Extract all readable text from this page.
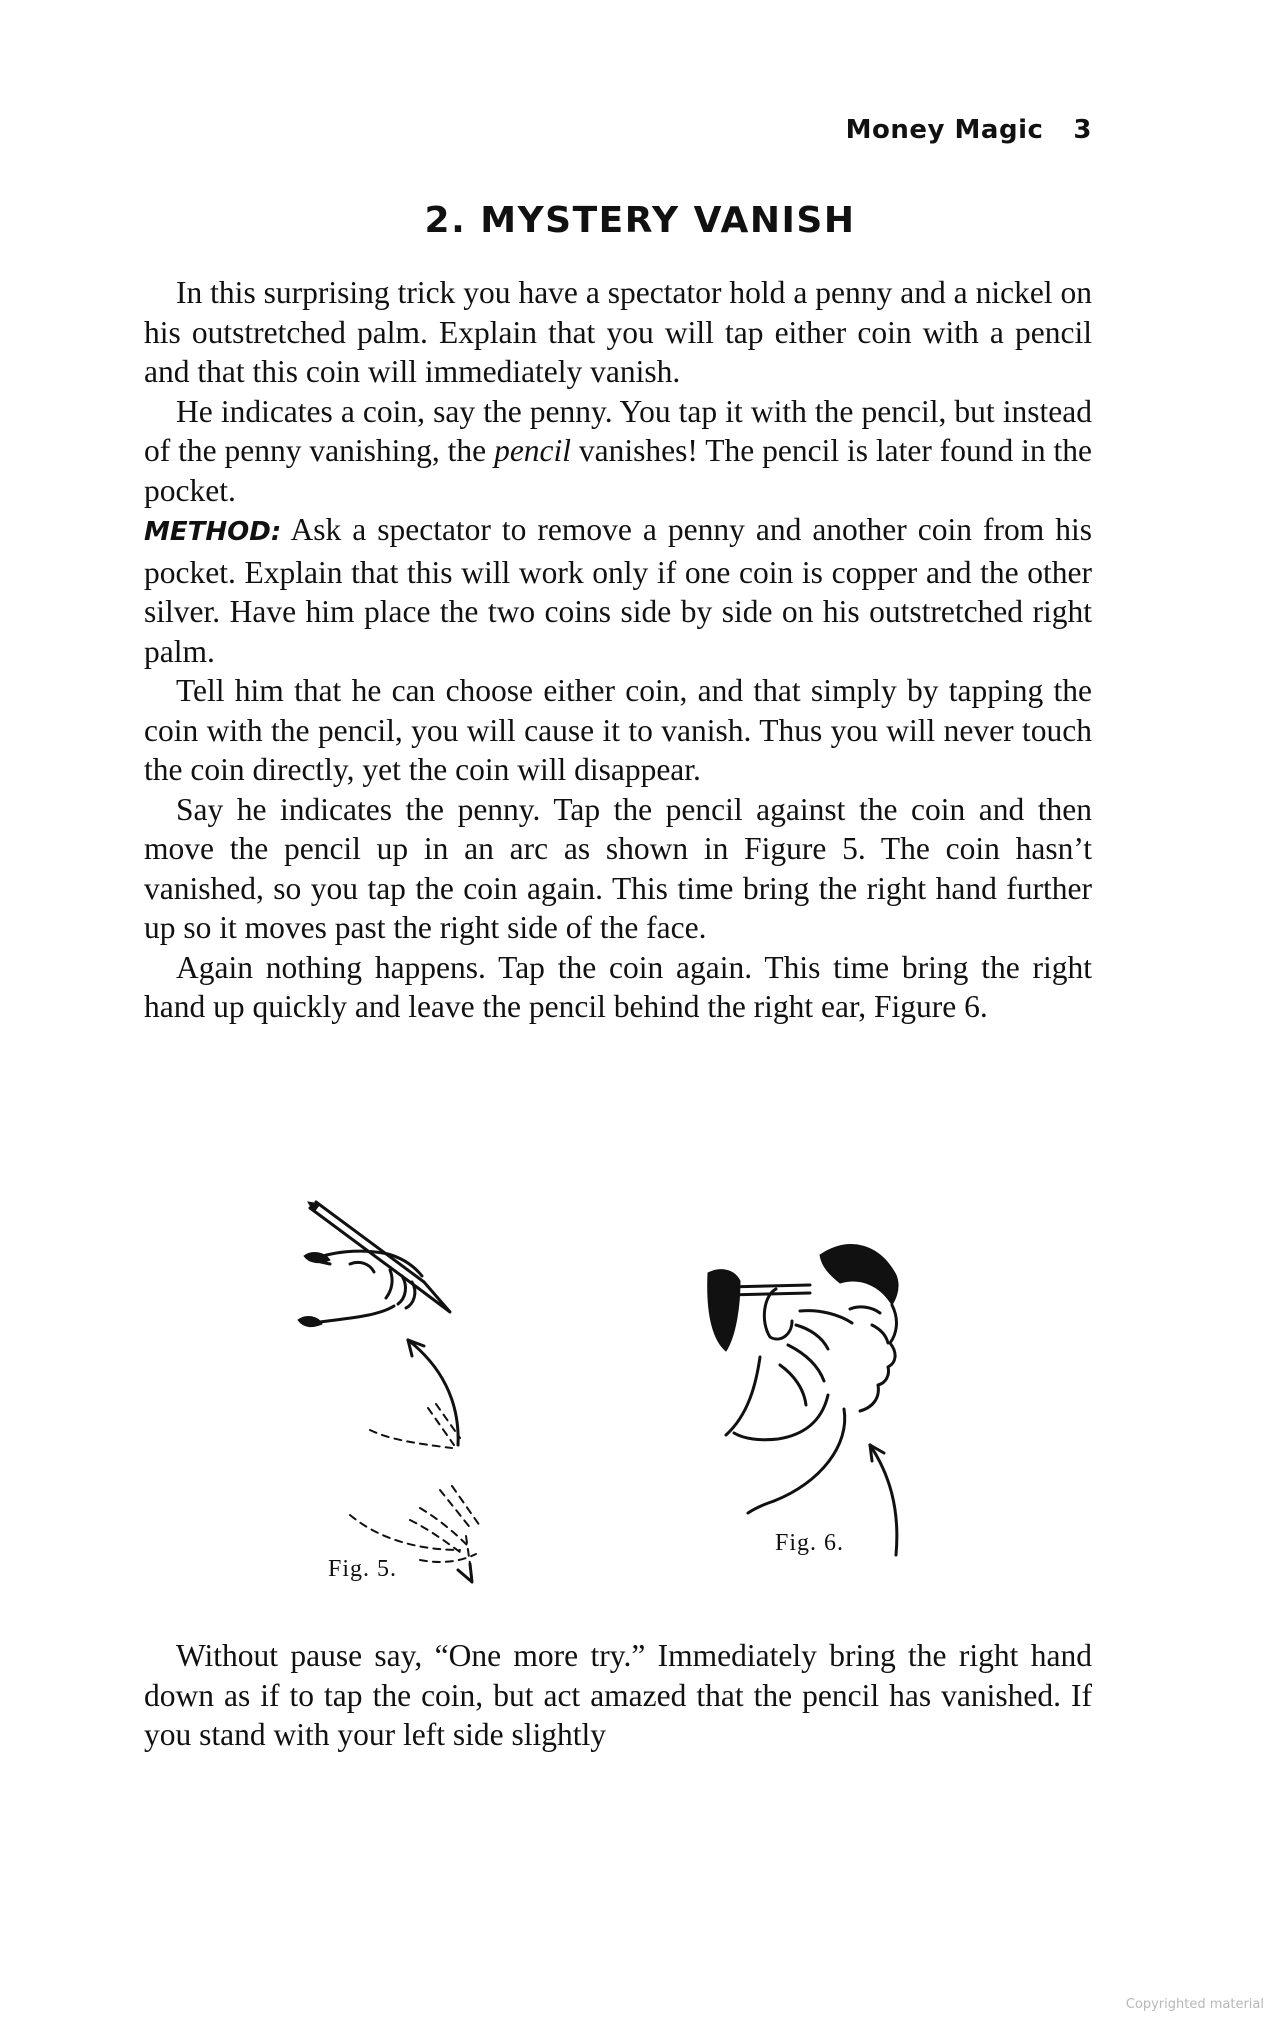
Money Magic 3
2. MYSTERY VANISH

In this surprising trick you have a spectator hold a penny and a nickel on his outstretched palm. Explain that you will tap either coin with a pencil and that this coin will immediately vanish.

He indicates a coin, say the penny. You tap it with the pencil, but instead of the penny vanishing, the pencil vanishes! The pencil is later found in the pocket.

METHOD: Ask a spectator to remove a penny and another coin from his pocket. Explain that this will work only if one coin is copper and the other silver. Have him place the two coins side by side on his outstretched right palm.

Tell him that he can choose either coin, and that simply by tapping the coin with the pencil, you will cause it to vanish. Thus you will never touch the coin directly, yet the coin will disappear.

Say he indicates the penny. Tap the pencil against the coin and then move the pencil up in an arc as shown in Figure 5. The coin hasn’t vanished, so you tap the coin again. This time bring the right hand further up so it moves past the right side of the face.

Again nothing happens. Tap the coin again. This time bring the right hand up quickly and leave the pencil behind the right ear, Figure 6.

Fig. 5.
Fig. 6.

Without pause say, “One more try.” Immediately bring the right hand down as if to tap the coin, but act amazed that the pencil has vanished. If you stand with your left side slightly

Copyrighted material
